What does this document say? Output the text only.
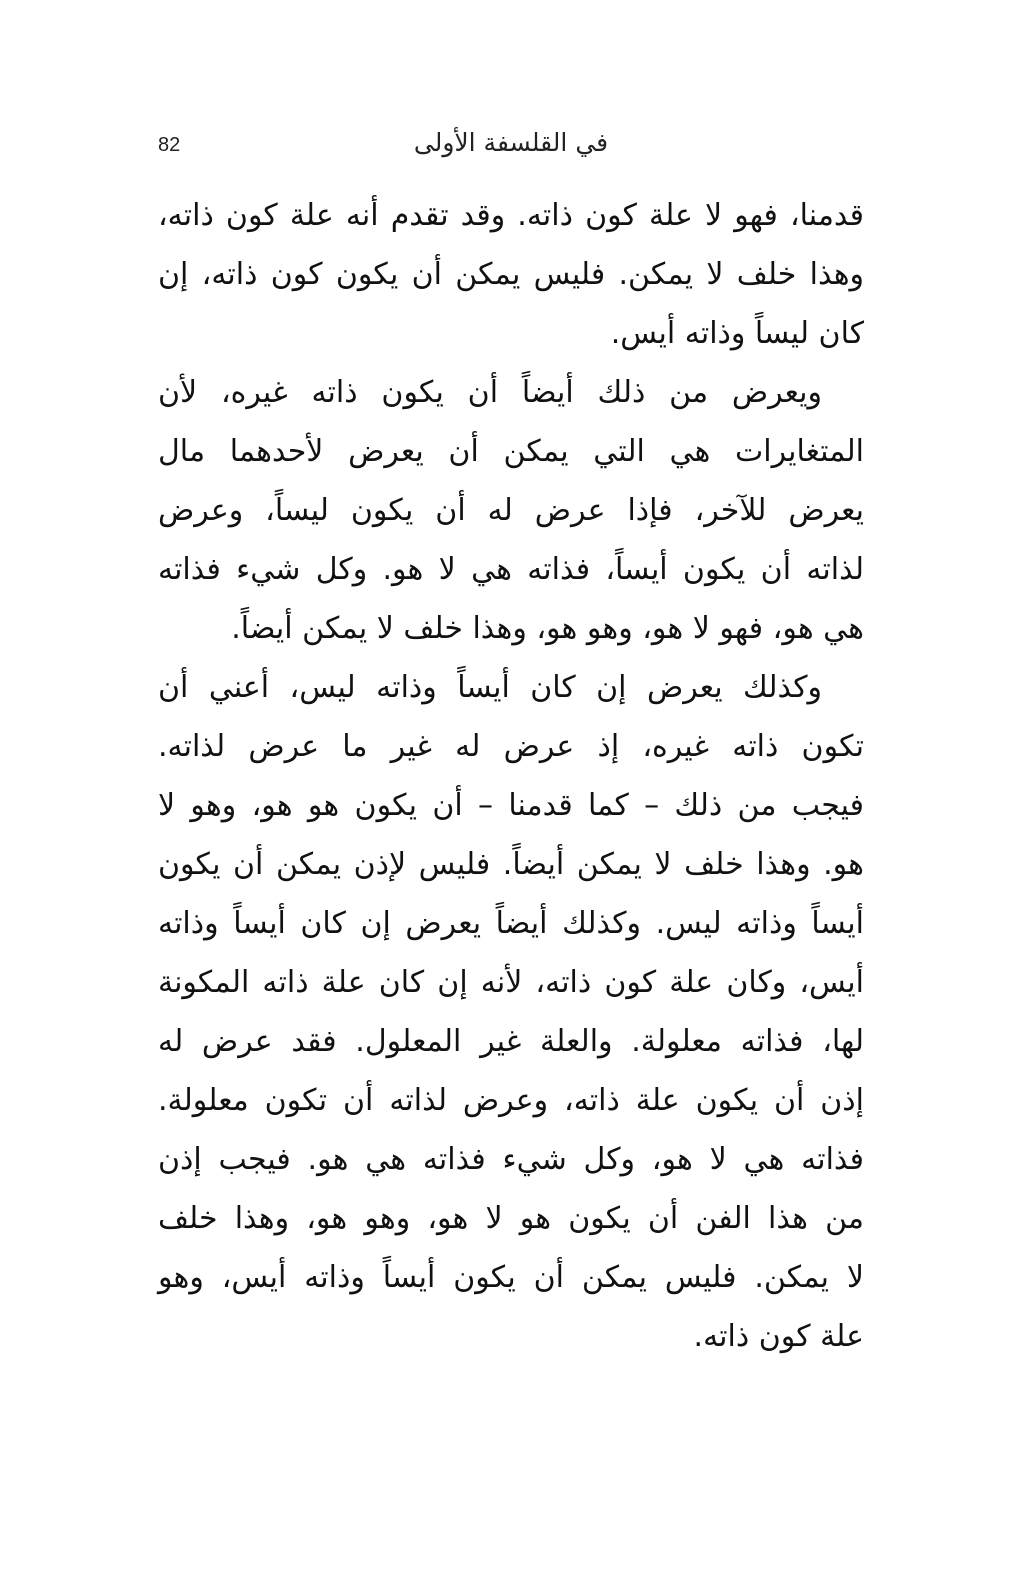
82	في القلسفة الأولى
قدمنا، فهو لا علة كون ذاته. وقد تقدم أنه علة كون ذاته،
وهذا خلف لا يمكن. فليس يمكن أن يكون كون ذاته، إن
كان ليساً وذاته أيس.
ويعرض من ذلك أيضاً أن يكون ذاته غيره، لأن
المتغايرات هي التي يمكن أن يعرض لأحدهما مال
يعرض للآخر، فإذا عرض له أن يكون ليساً، وعرض
لذاته أن يكون أيساً، فذاته هي لا هو. وكل شيء فذاته
هي هو، فهو لا هو، وهو هو، وهذا خلف لا يمكن أيضاً.
وكذلك يعرض إن كان أيساً وذاته ليس، أعني أن
تكون ذاته غيره، إذ عرض له غير ما عرض لذاته.
فيجب من ذلك – كما قدمنا – أن يكون هو هو، وهو لا
هو. وهذا خلف لا يمكن أيضاً. فليس لإذن يمكن أن يكون
أيساً وذاته ليس. وكذلك أيضاً يعرض إن كان أيساً وذاته
أيس، وكان علة كون ذاته، لأنه إن كان علة ذاته المكونة
لها، فذاته معلولة. والعلة غير المعلول. فقد عرض له
إذن أن يكون علة ذاته، وعرض لذاته أن تكون معلولة.
فذاته هي لا هو، وكل شيء فذاته هي هو. فيجب إذن
من هذا الفن أن يكون هو لا هو، وهو هو، وهذا خلف
لا يمكن. فليس يمكن أن يكون أيساً وذاته أيس، وهو
علة كون ذاته.
